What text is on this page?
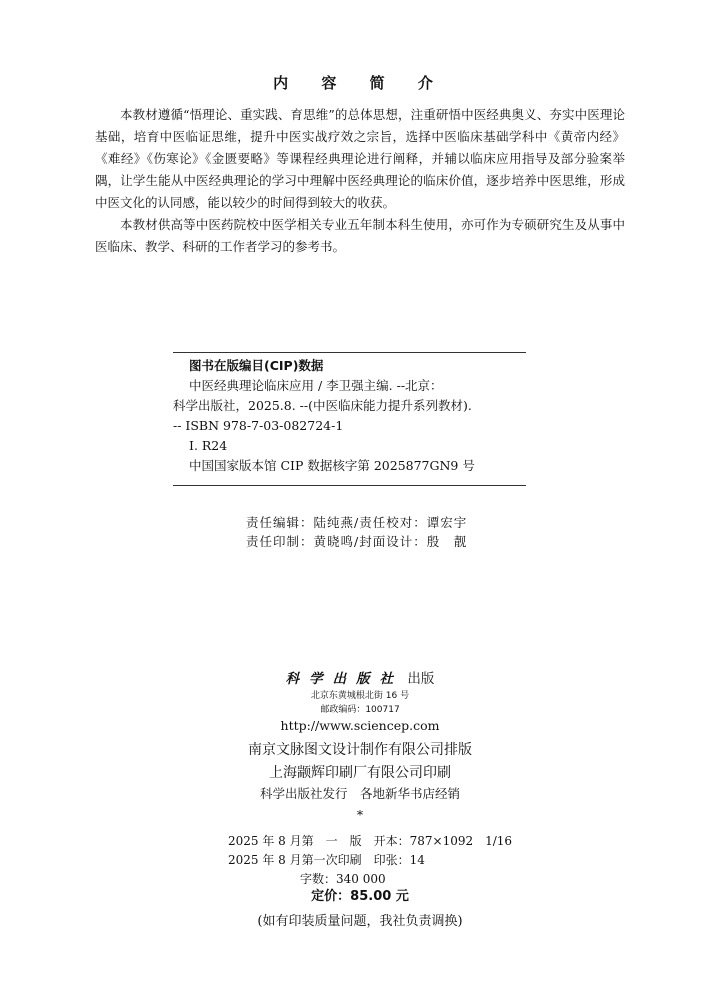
内 容 简 介

本教材遵循“悟理论、重实践、育思维”的总体思想，注重研悟中医经典奥义、夯实中医理论基础，培育中医临证思维，提升中医实战疗效之宗旨，选择中医临床基础学科中《黄帝内经》《难经》《伤寒论》《金匮要略》等课程经典理论进行阐释，并辅以临床应用指导及部分验案举隅，让学生能从中医经典理论的学习中理解中医经典理论的临床价值，逐步培养中医思维，形成中医文化的认同感，能以较少的时间得到较大的收获。

本教材供高等中医药院校中医学相关专业五年制本科生使用，亦可作为专硕研究生及从事中医临床、教学、科研的工作者学习的参考书。

图书在版编目(CIP)数据
中医经典理论临床应用 / 李卫强主编. --北京：
科学出版社，2025.8. --(中医临床能力提升系列教材).
-- ISBN 978-7-03-082724-1
Ⅰ. R24
中国国家版本馆 CIP 数据核字第 2025877GN9 号
责任编辑：陆纯燕/责任校对：谭宏宇
责任印制：黄晓鸣/封面设计：殷　靓
科学出版社 出版
北京东黄城根北街 16 号
邮政编码：100717
http://www.sciencep.com
南京文脉图文设计制作有限公司排版
上海颛辉印刷厂有限公司印刷
科学出版社发行　各地新华书店经销
*
2025 年 8 月第　一　版　开本：787×1092　1/16
2025 年 8 月第一次印刷　印张：14
字数：340 000
定价：85.00 元
(如有印装质量问题，我社负责调换)
